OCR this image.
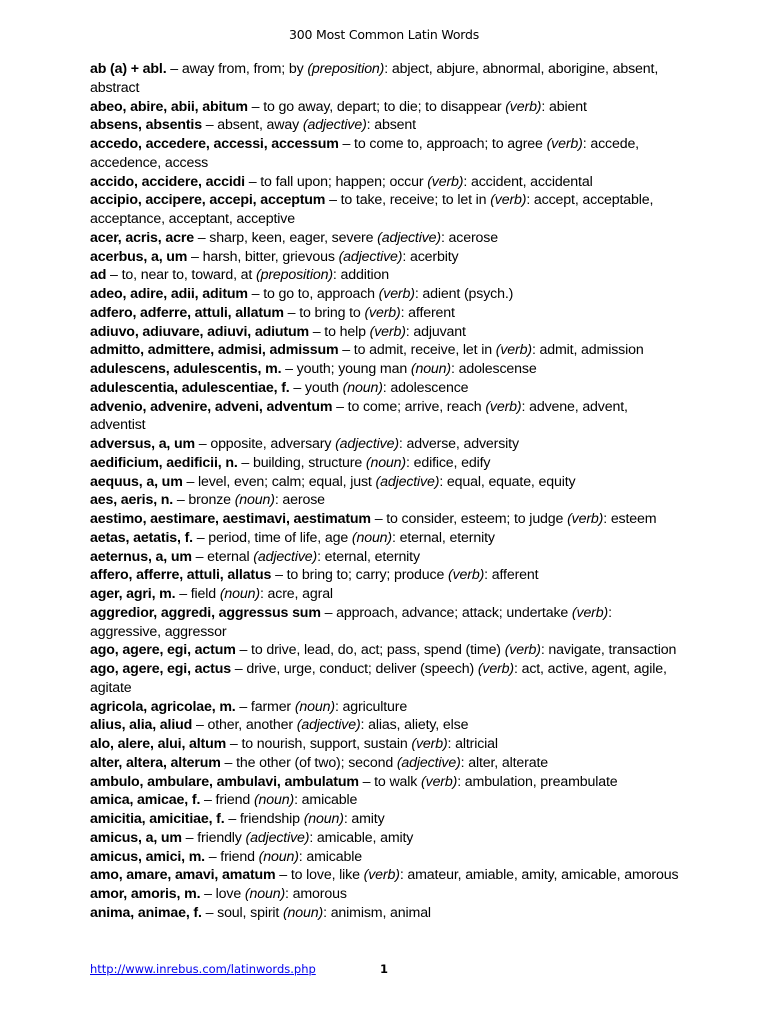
300 Most Common Latin Words
ab (a) + abl. – away from, from; by (preposition): abject, abjure, abnormal, aborigine, absent, abstract
abeo, abire, abii, abitum – to go away, depart; to die; to disappear (verb): abient
absens, absentis – absent, away (adjective): absent
accedo, accedere, accessi, accessum – to come to, approach; to agree (verb): accede, accedence, access
accido, accidere, accidi – to fall upon; happen; occur (verb): accident, accidental
accipio, accipere, accepi, acceptum – to take, receive; to let in (verb): accept, acceptable, acceptance, acceptant, acceptive
acer, acris, acre – sharp, keen, eager, severe (adjective): acerose
acerbus, a, um – harsh, bitter, grievous (adjective): acerbity
ad – to, near to, toward, at (preposition): addition
adeo, adire, adii, aditum – to go to, approach (verb): adient (psych.)
adfero, adferre, attuli, allatum – to bring to (verb): afferent
adiuvo, adiuvare, adiuvi, adiutum – to help (verb): adjuvant
admitto, admittere, admisi, admissum – to admit, receive, let in (verb): admit, admission
adulescens, adulescentis, m. – youth; young man (noun): adolescense
adulescentia, adulescentiae, f. – youth (noun): adolescence
advenio, advenire, adveni, adventum – to come; arrive, reach (verb): advene, advent, adventist
adversus, a, um – opposite, adversary (adjective): adverse, adversity
aedificium, aedificii, n. – building, structure (noun): edifice, edify
aequus, a, um – level, even; calm; equal, just (adjective): equal, equate, equity
aes, aeris, n. – bronze (noun): aerose
aestimo, aestimare, aestimavi, aestimatum – to consider, esteem; to judge (verb): esteem
aetas, aetatis, f. – period, time of life, age (noun): eternal, eternity
aeternus, a, um – eternal (adjective): eternal, eternity
affero, afferre, attuli, allatus – to bring to; carry; produce (verb): afferent
ager, agri, m. – field (noun): acre, agral
aggredior, aggredi, aggressus sum – approach, advance; attack; undertake (verb): aggressive, aggressor
ago, agere, egi, actum – to drive, lead, do, act; pass, spend (time) (verb): navigate, transaction
ago, agere, egi, actus – drive, urge, conduct; deliver (speech) (verb): act, active, agent, agile, agitate
agricola, agricolae, m. – farmer (noun): agriculture
alius, alia, aliud – other, another (adjective): alias, aliety, else
alo, alere, alui, altum – to nourish, support, sustain (verb): altricial
alter, altera, alterum – the other (of two); second (adjective): alter, alterate
ambulo, ambulare, ambulavi, ambulatum – to walk (verb): ambulation, preambulate
amica, amicae, f. – friend (noun): amicable
amicitia, amicitiae, f. – friendship (noun): amity
amicus, a, um – friendly (adjective): amicable, amity
amicus, amici, m. – friend (noun): amicable
amo, amare, amavi, amatum – to love, like (verb): amateur, amiable, amity, amicable, amorous
amor, amoris, m. – love (noun): amorous
anima, animae, f. – soul, spirit (noun): animism, animal
http://www.inrebus.com/latinwords.php	1
